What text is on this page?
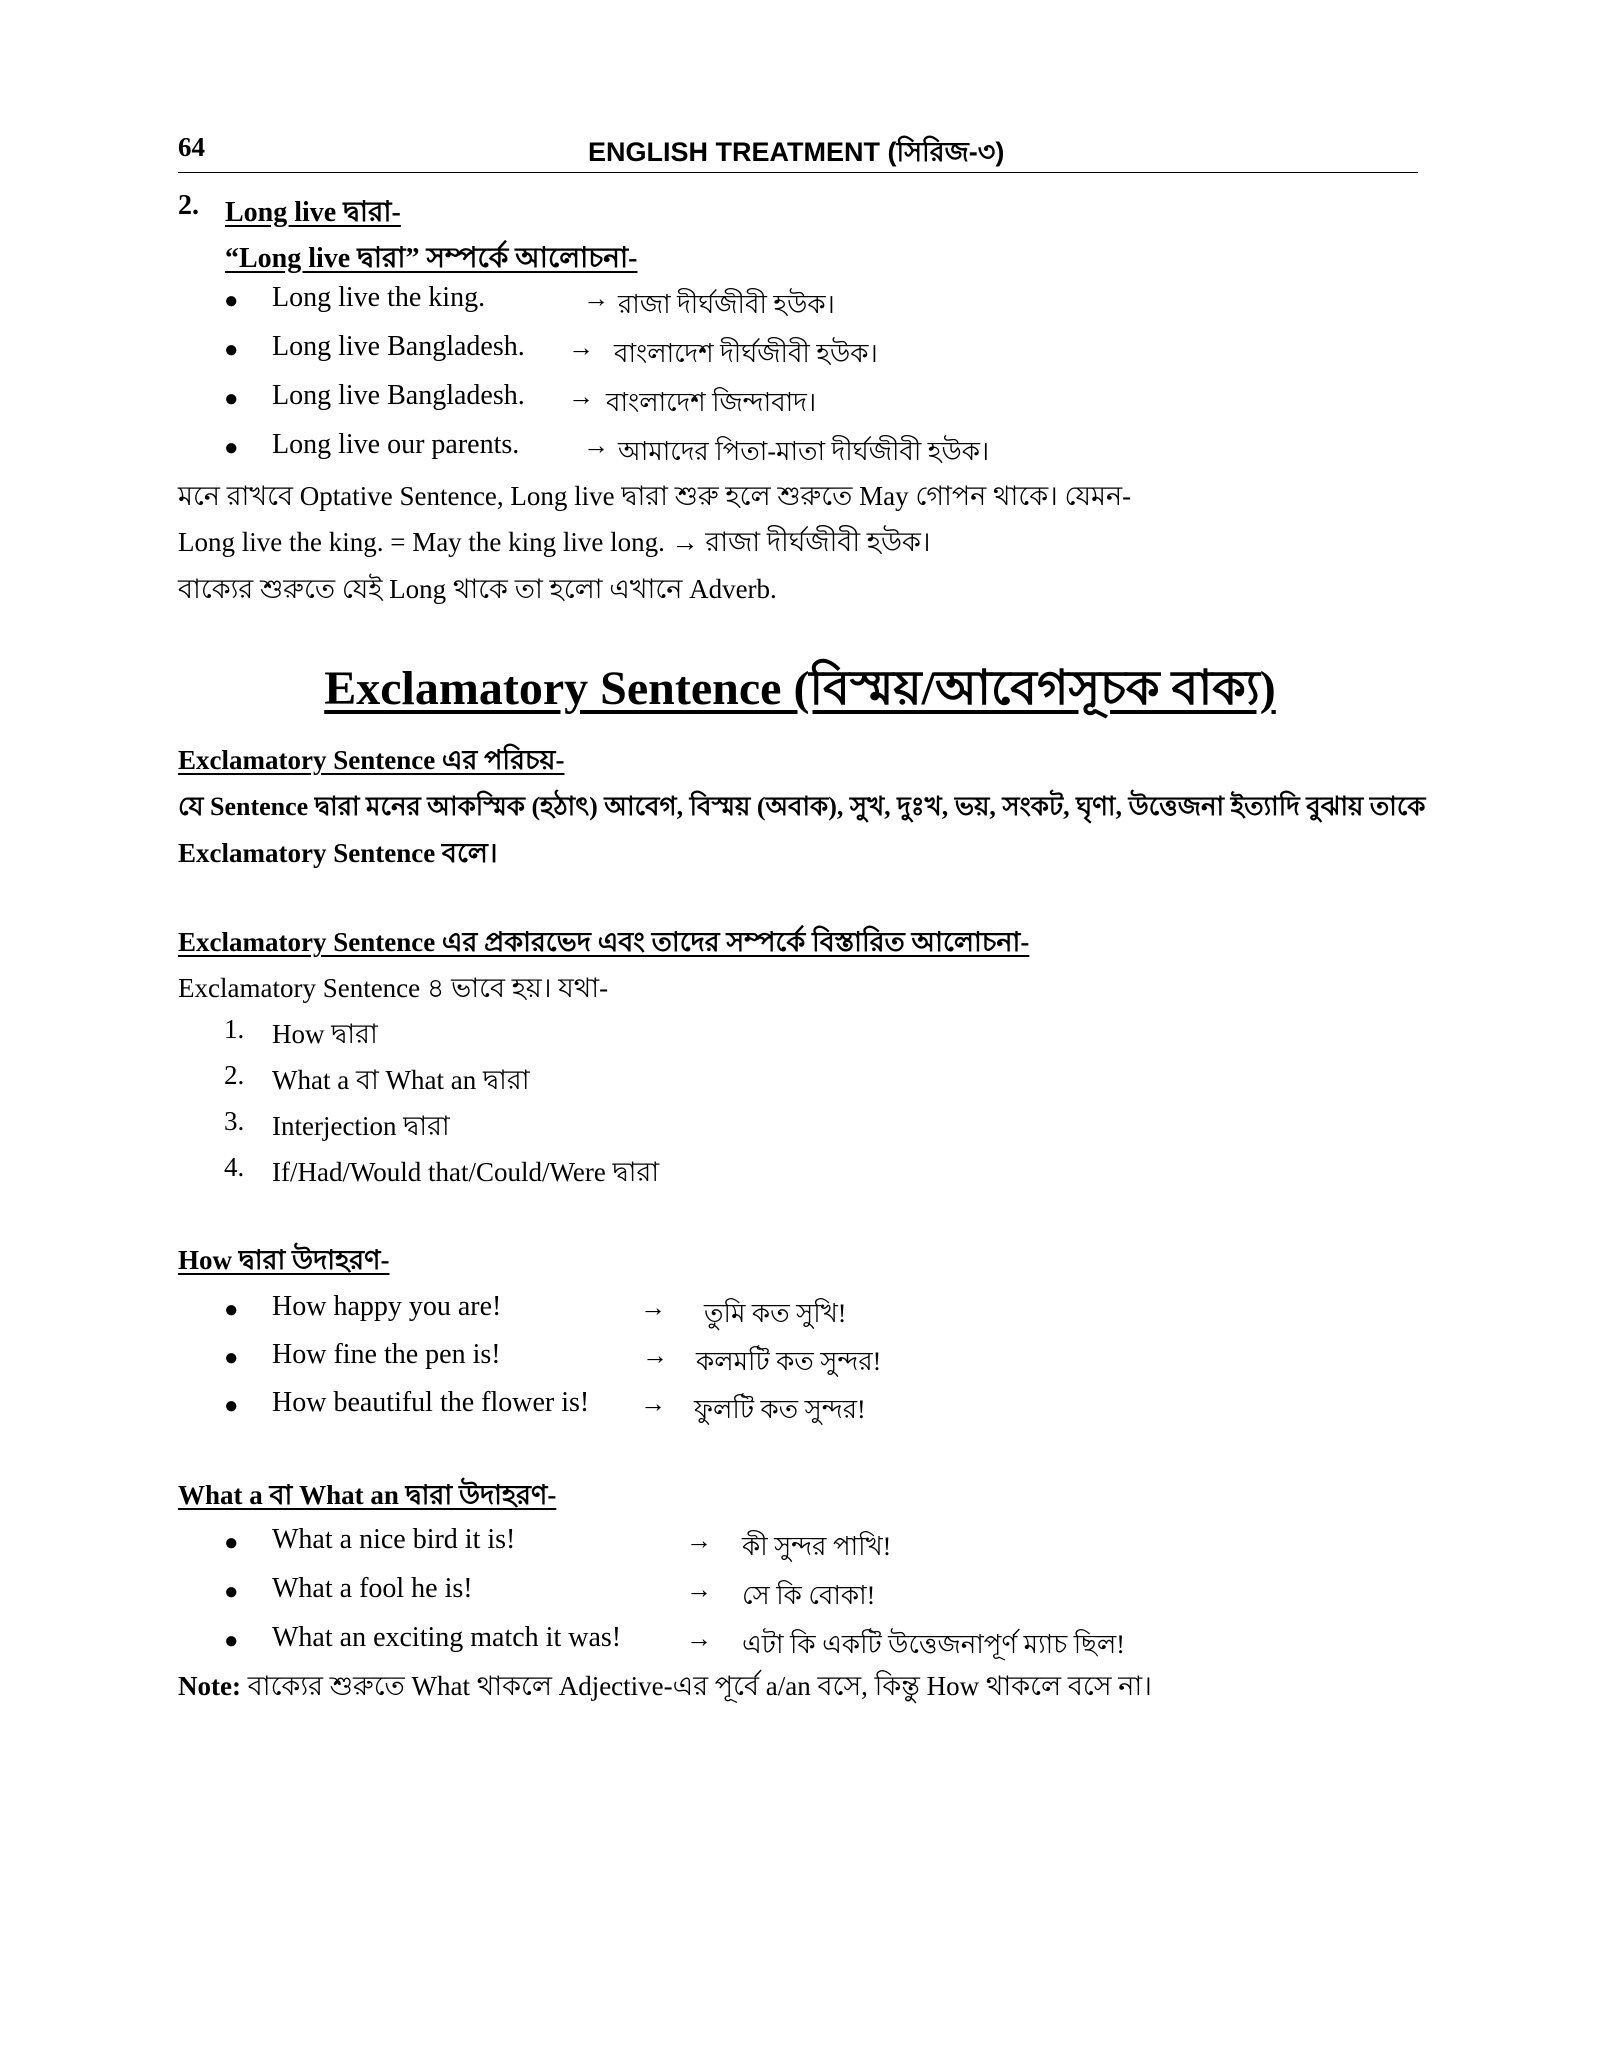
64	ENGLISH TREATMENT (সিরিজ-৩)
2. Long live দ্বারা-
“Long live দ্বারা” সম্পর্কে আলোচনা-
● Long live the king.	→ রাজা দীর্ঘজীবী হউক।
● Long live Bangladesh. → বাংলাদেশ দীর্ঘজীবী হউক।
● Long live Bangladesh. → বাংলাদেশ জিন্দাবাদ।
● Long live our parents. → আমাদের পিতা-মাতা দীর্ঘজীবী হউক।
মনে রাখবে Optative Sentence, Long live দ্বারা শুরু হলে শুরুতে May গোপন থাকে। যেমন-
Long live the king. = May the king live long. → রাজা দীর্ঘজীবী হউক।
বাক্যের শুরুতে যেই Long থাকে তা হলো এখানে Adverb.
Exclamatory Sentence (বিস্ময়/আবেগসূচক বাক্য)
Exclamatory Sentence এর পরিচয়-
যে Sentence দ্বারা মনের আকস্মিক (হঠাৎ) আবেগ, বিস্ময় (অবাক), সুখ, দুঃখ, ভয়, সংকট, ঘৃণা, উত্তেজনা ইত্যাদি বুঝায় তাকে
Exclamatory Sentence বলে।
Exclamatory Sentence এর প্রকারভেদ এবং তাদের সম্পর্কে বিস্তারিত আলোচনা-
Exclamatory Sentence ৪ ভাবে হয়। যথা-
1. How দ্বারা
2. What a বা What an দ্বারা
3. Interjection দ্বারা
4. If/Had/Would that/Could/Were দ্বারা
How দ্বারা উদাহরণ-
● How happy you are!	→ তুমি কত সুখি!
● How fine the pen is!	→ কলমটি কত সুন্দর!
● How beautiful the flower is! → ফুলটি কত সুন্দর!
What a বা What an দ্বারা উদাহরণ-
● What a nice bird it is!	→ কী সুন্দর পাখি!
● What a fool he is!	→ সে কি বোকা!
● What an exciting match it was! → এটা কি একটি উত্তেজনাপূর্ণ ম্যাচ ছিল!
Note: বাক্যের শুরুতে What থাকলে Adjective-এর পূর্বে a/an বসে, কিন্তু How থাকলে বসে না।
